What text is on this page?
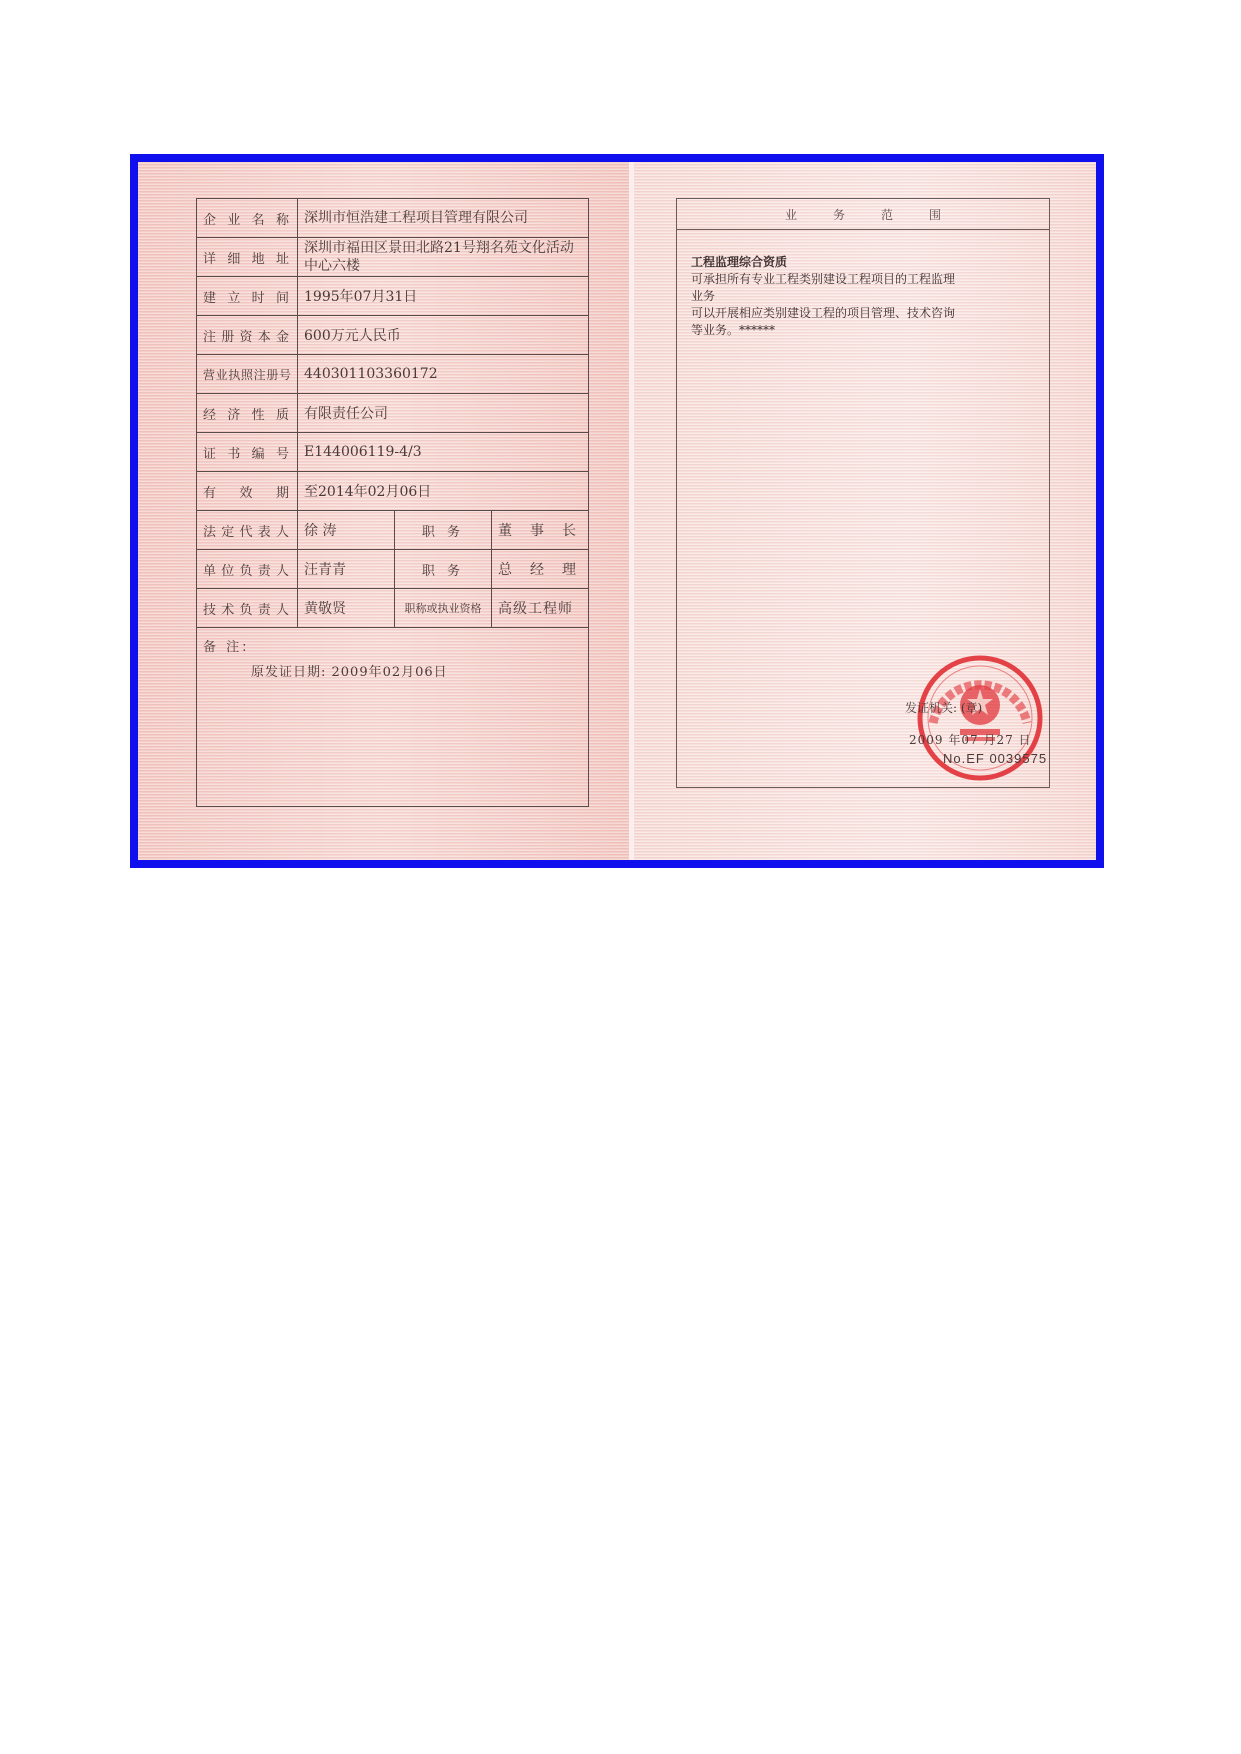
企业名称	深圳市恒浩建工程项目管理有限公司		
详细地址	深圳市福田区景田北路21号翔名苑文化活动中心六楼		
建立时间	1995年07月31日		
注册资本金	600万元人民币		
营业执照注册号	440301103360172		
经济性质	有限责任公司		
证书编号	E144006119-4/3		
有效期	至2014年02月06日		
法定代表人	徐 涛	职 务	董事长
单位负责人	汪青青	职 务	总经理
技术负责人	黄敬贤	职称或执业资格	高级工程师

备 注:
原发证日期: 2009年02月06日			
业务范围
工程监理综合资质
可承担所有专业工程类别建设工程项目的工程监理
业务
可以开展相应类别建设工程的项目管理、技术咨询
等业务。******
发证机关: (章)
2009 年07 月27 日
No.EF 0039575
